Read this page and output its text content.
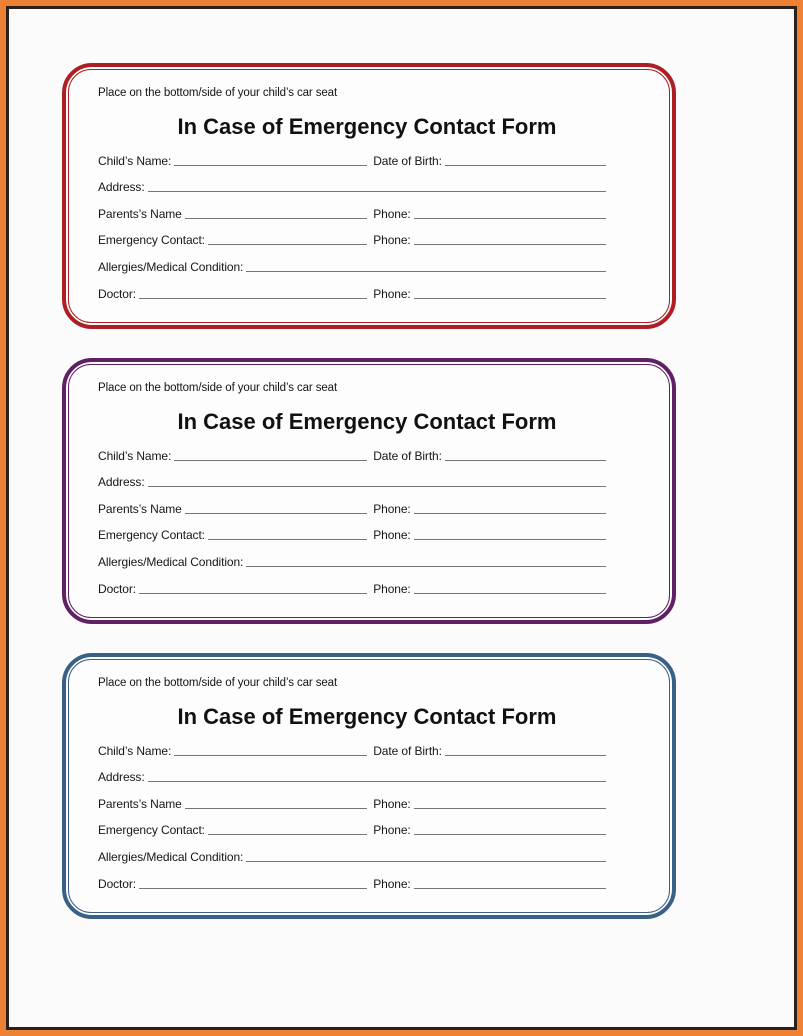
Place on the bottom/side of your child’s car seat
In Case of Emergency Contact Form
Child’s Name:	Date of Birth:
Address:
Parents’s Name	Phone:
Emergency Contact:	Phone:
Allergies/Medical Condition:
Doctor:	Phone:
Place on the bottom/side of your child’s car seat
In Case of Emergency Contact Form
Child’s Name:	Date of Birth:
Address:
Parents’s Name	Phone:
Emergency Contact:	Phone:
Allergies/Medical Condition:
Doctor:	Phone:
Place on the bottom/side of your child’s car seat
In Case of Emergency Contact Form
Child’s Name:	Date of Birth:
Address:
Parents’s Name	Phone:
Emergency Contact:	Phone:
Allergies/Medical Condition:
Doctor:	Phone:
